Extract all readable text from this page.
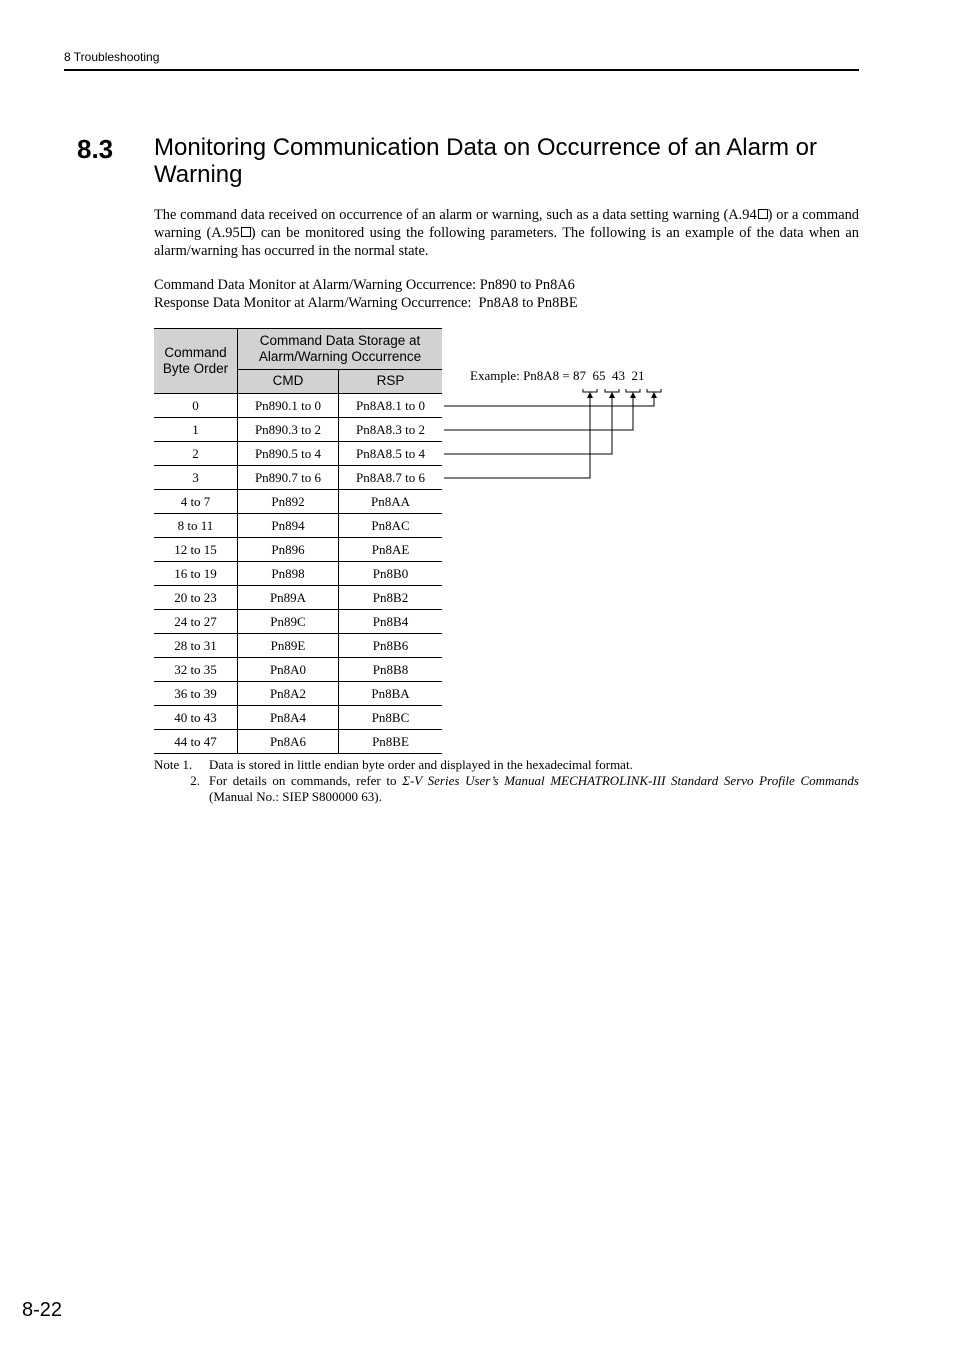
8 Troubleshooting
8.3 Monitoring Communication Data on Occurrence of an Alarm or Warning
The command data received on occurrence of an alarm or warning, such as a data setting warning (A.94 ) or a command warning (A.95 ) can be monitored using the following parameters. The following is an example of the data when an alarm/warning has occurred in the normal state.
Command Data Monitor at Alarm/Warning Occurrence: Pn890 to Pn8A6
Response Data Monitor at Alarm/Warning Occurrence:  Pn8A8 to Pn8BE
Command Byte Order	Command Data Storage at Alarm/Warning Occurrence	
	CMD	RSP
0	Pn890.1 to 0	Pn8A8.1 to 0
1	Pn890.3 to 2	Pn8A8.3 to 2
2	Pn890.5 to 4	Pn8A8.5 to 4
3	Pn890.7 to 6	Pn8A8.7 to 6
4 to 7	Pn892	Pn8AA
8 to 11	Pn894	Pn8AC
12 to 15	Pn896	Pn8AE
16 to 19	Pn898	Pn8B0
20 to 23	Pn89A	Pn8B2
24 to 27	Pn89C	Pn8B4
28 to 31	Pn89E	Pn8B6
32 to 35	Pn8A0	Pn8B8
36 to 39	Pn8A2	Pn8BA
40 to 43	Pn8A4	Pn8BC
44 to 47	Pn8A6	Pn8BE
Example: Pn8A8 = 87  65  43  21
Note 1.	Data is stored in little endian byte order and displayed in the hexadecimal format.
2. For details on commands, refer to Σ-V Series User’s Manual MECHATROLINK-III Standard Servo Profile Commands (Manual No.: SIEP S800000 63).
8-22
